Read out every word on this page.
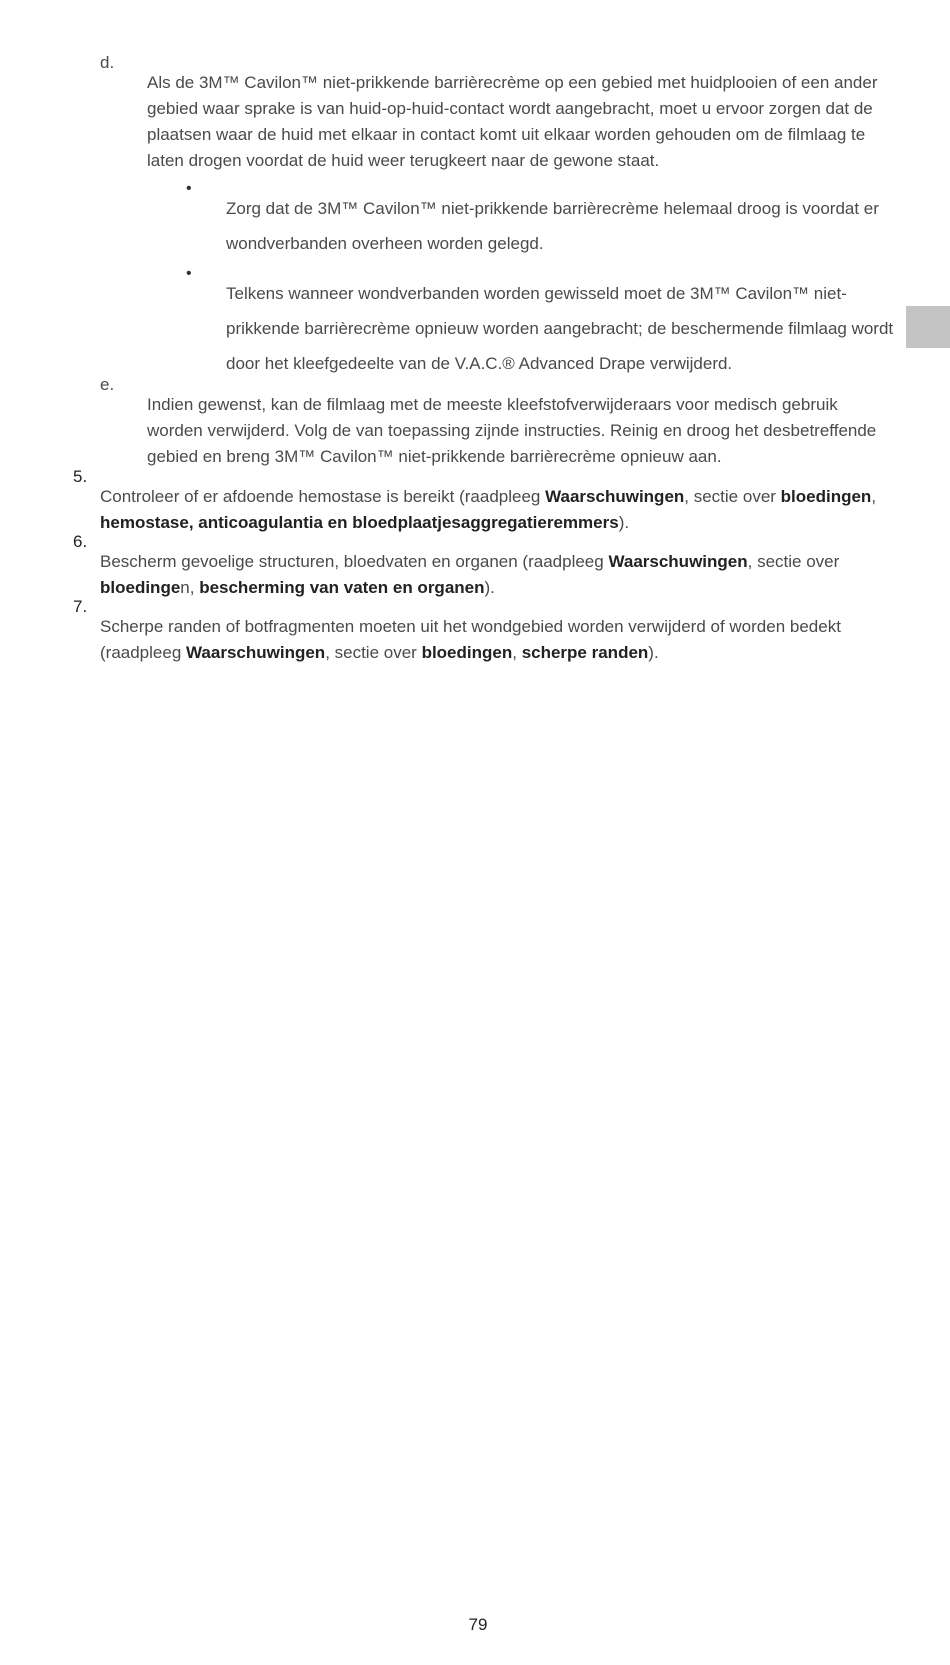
d.

Als de 3M™ Cavilon™ niet-prikkende barrièrecrème op een gebied met huidplooien of een ander gebied waar sprake is van huid-op-huid-contact wordt aangebracht, moet u ervoor zorgen dat de plaatsen waar de huid met elkaar in contact komt uit elkaar worden gehouden om de filmlaag te laten drogen voordat de huid weer terugkeert naar de gewone staat.

•

Zorg dat de 3M™ Cavilon™ niet-prikkende barrièrecrème helemaal droog is voordat er wondverbanden overheen worden gelegd.

•

Telkens wanneer wondverbanden worden gewisseld moet de 3M™ Cavilon™ niet-prikkende barrièrecrème opnieuw worden aangebracht; de beschermende filmlaag wordt door het kleefgedeelte van de V.A.C.® Advanced Drape verwijderd.

e.

Indien gewenst, kan de filmlaag met de meeste kleefstofverwijderaars voor medisch gebruik worden verwijderd. Volg de van toepassing zijnde instructies. Reinig en droog het desbetreffende gebied en breng 3M™ Cavilon™ niet-prikkende barrièrecrème opnieuw aan.

5.

Controleer of er afdoende hemostase is bereikt (raadpleeg Waarschuwingen, sectie over bloedingen, hemostase, anticoagulantia en bloedplaatjesaggregatieremmers).

6.

Bescherm gevoelige structuren, bloedvaten en organen (raadpleeg Waarschuwingen, sectie over bloedingen, bescherming van vaten en organen).

7.

Scherpe randen of botfragmenten moeten uit het wondgebied worden verwijderd of worden bedekt (raadpleeg Waarschuwingen, sectie over bloedingen, scherpe randen).

79
